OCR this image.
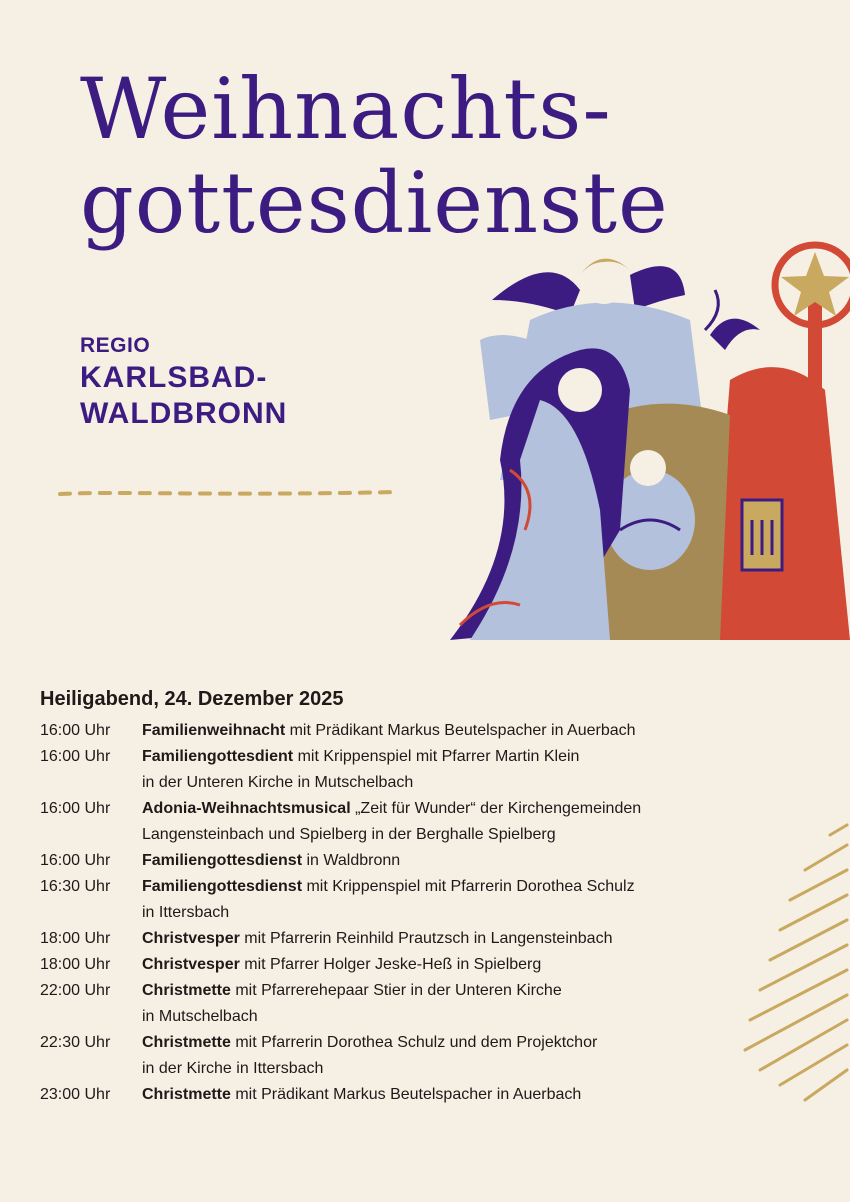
Weihnachts-
gottesdienste
REGIO
KARLSBAD-
WALDBRONN
Heiligabend, 24. Dezember 2025
16:00 Uhr	Familienweihnacht mit Prädikant Markus Beutelspacher in Auerbach
16:00 Uhr	Familiengottesdient mit Krippenspiel mit Pfarrer Martin Klein
in der Unteren Kirche in Mutschelbach
16:00 Uhr	Adonia-Weihnachtsmusical „Zeit für Wunder“ der Kirchengemeinden
Langensteinbach und Spielberg in der Berghalle Spielberg
16:00 Uhr	Familiengottesdienst in Waldbronn
16:30 Uhr	Familiengottesdienst mit Krippenspiel mit Pfarrerin Dorothea Schulz
in Ittersbach
18:00 Uhr	Christvesper mit Pfarrerin Reinhild Prautzsch in Langensteinbach
18:00 Uhr	Christvesper mit Pfarrer Holger Jeske-Heß in Spielberg
22:00 Uhr	Christmette mit Pfarrerehepaar Stier in der Unteren Kirche
in Mutschelbach
22:30 Uhr	Christmette mit Pfarrerin Dorothea Schulz und dem Projektchor
in der Kirche in Ittersbach
23:00 Uhr	Christmette mit Prädikant Markus Beutelspacher in Auerbach
